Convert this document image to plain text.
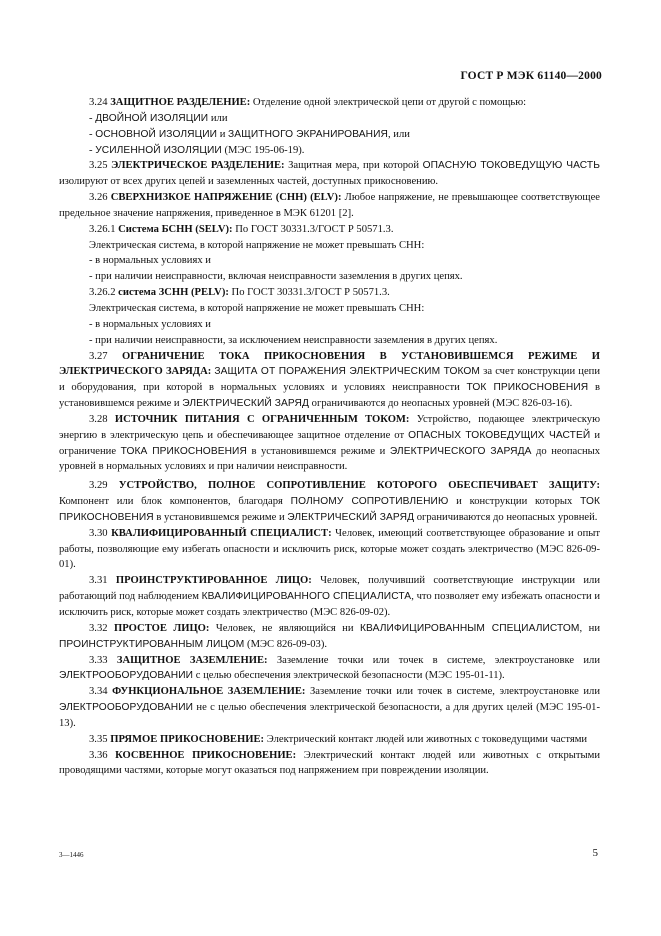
ГОСТ Р МЭК 61140—2000

3.24 ЗАЩИТНОЕ РАЗДЕЛЕНИЕ: Отделение одной электрической цепи от другой с помощью:

- ДВОЙНОЙ ИЗОЛЯЦИИ или

- ОСНОВНОЙ ИЗОЛЯЦИИ и ЗАЩИТНОГО ЭКРАНИРОВАНИЯ, или

- УСИЛЕННОЙ ИЗОЛЯЦИИ (МЭС 195-06-19).

3.25 ЭЛЕКТРИЧЕСКОЕ РАЗДЕЛЕНИЕ: Защитная мера, при которой ОПАСНУЮ ТОКОВЕДУЩУЮ ЧАСТЬ изолируют от всех других цепей и заземленных частей, доступных прикосновению.

3.26 СВЕРХНИЗКОЕ НАПРЯЖЕНИЕ (СНН) (ELV): Любое напряжение, не превышающее соответствующее предельное значение напряжения, приведенное в МЭК 61201 [2].

3.26.1 Система БСНН (SELV): По ГОСТ 30331.3/ГОСТ Р 50571.3.

Электрическая система, в которой напряжение не может превышать СНН:

- в нормальных условиях и

- при наличии неисправности, включая неисправности заземления в других цепях.

3.26.2 система ЗСНН (PELV): По ГОСТ 30331.3/ГОСТ Р 50571.3.

Электрическая система, в которой напряжение не может превышать СНН:

- в нормальных условиях и

- при наличии неисправности, за исключением неисправности заземления в других цепях.

3.27 ОГРАНИЧЕНИЕ ТОКА ПРИКОСНОВЕНИЯ В УСТАНОВИВШЕМСЯ РЕЖИМЕ И ЭЛЕКТРИЧЕСКОГО ЗАРЯДА: ЗАЩИТА ОТ ПОРАЖЕНИЯ ЭЛЕКТРИЧЕСКИМ ТОКОМ за счет конструкции цепи и оборудования, при которой в нормальных условиях и условиях неисправности ТОК ПРИКОСНОВЕНИЯ в установившемся режиме и ЭЛЕКТРИЧЕСКИЙ ЗАРЯД ограничиваются до неопасных уровней (МЭС 826-03-16).

3.28 ИСТОЧНИК ПИТАНИЯ С ОГРАНИЧЕННЫМ ТОКОМ: Устройство, подающее электрическую энергию в электрическую цепь и обеспечивающее защитное отделение от ОПАСНЫХ ТОКОВЕДУЩИХ ЧАСТЕЙ и ограничение ТОКА ПРИКОСНОВЕНИЯ в установившемся режиме и ЭЛЕКТРИЧЕСКОГО ЗАРЯДА до неопасных уровней в нормальных условиях и при наличии неисправности.

3.29 УСТРОЙСТВО, ПОЛНОЕ СОПРОТИВЛЕНИЕ КОТОРОГО ОБЕСПЕЧИВАЕТ ЗАЩИТУ: Компонент или блок компонентов, благодаря ПОЛНОМУ СОПРОТИВЛЕНИЮ и конструкции которых ТОК ПРИКОСНОВЕНИЯ в установившемся режиме и ЭЛЕКТРИЧЕСКИЙ ЗАРЯД ограничиваются до неопасных уровней.

3.30 КВАЛИФИЦИРОВАННЫЙ СПЕЦИАЛИСТ: Человек, имеющий соответствующее образование и опыт работы, позволяющие ему избегать опасности и исключить риск, которые может создать электричество (МЭС 826-09-01).

3.31 ПРОИНСТРУКТИРОВАННОЕ ЛИЦО: Человек, получивший соответствующие инструкции или работающий под наблюдением КВАЛИФИЦИРОВАННОГО СПЕЦИАЛИСТА, что позволяет ему избежать опасности и исключить риск, которые может создать электричество (МЭС 826-09-02).

3.32 ПРОСТОЕ ЛИЦО: Человек, не являющийся ни КВАЛИФИЦИРОВАННЫМ СПЕЦИАЛИСТОМ, ни ПРОИНСТРУКТИРОВАННЫМ ЛИЦОМ (МЭС 826-09-03).

3.33 ЗАЩИТНОЕ ЗАЗЕМЛЕНИЕ: Заземление точки или точек в системе, электроустановке или ЭЛЕКТРООБОРУДОВАНИИ с целью обеспечения электрической безопасности (МЭС 195-01-11).

3.34 ФУНКЦИОНАЛЬНОЕ ЗАЗЕМЛЕНИЕ: Заземление точки или точек в системе, электроустановке или ЭЛЕКТРООБОРУДОВАНИИ не с целью обеспечения электрической безопасности, а для других целей (МЭС 195-01-13).

3.35 ПРЯМОЕ ПРИКОСНОВЕНИЕ: Электрический контакт людей или животных с токоведущими частями

3.36 КОСВЕННОЕ ПРИКОСНОВЕНИЕ: Электрический контакт людей или животных с открытыми проводящими частями, которые могут оказаться под напряжением при повреждении изоляции.

3—1446	5
